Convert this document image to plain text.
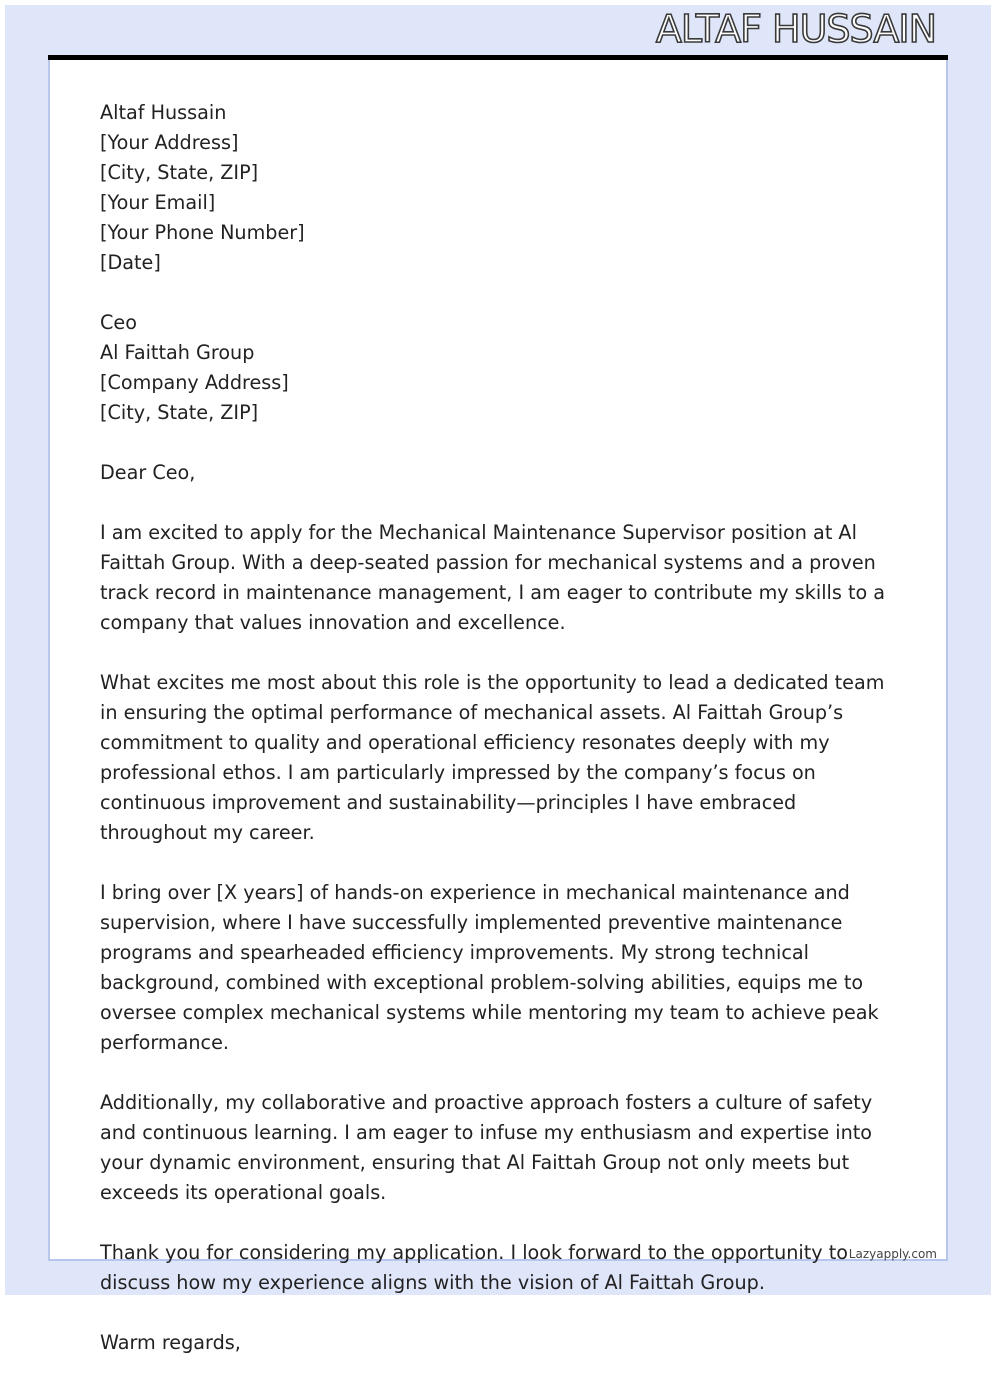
ALTAF HUSSAIN

Altaf Hussain
[Your Address]
[City, State, ZIP]
[Your Email]
[Your Phone Number]
[Date]

Ceo
Al Faittah Group
[Company Address]
[City, State, ZIP]

Dear Ceo,

I am excited to apply for the Mechanical Maintenance Supervisor position at Al Faittah Group. With a deep-seated passion for mechanical systems and a proven track record in maintenance management, I am eager to contribute my skills to a company that values innovation and excellence.

What excites me most about this role is the opportunity to lead a dedicated team in ensuring the optimal performance of mechanical assets. Al Faittah Group’s commitment to quality and operational efficiency resonates deeply with my professional ethos. I am particularly impressed by the company’s focus on continuous improvement and sustainability—principles I have embraced throughout my career.

I bring over [X years] of hands-on experience in mechanical maintenance and supervision, where I have successfully implemented preventive maintenance programs and spearheaded efficiency improvements. My strong technical background, combined with exceptional problem-solving abilities, equips me to oversee complex mechanical systems while mentoring my team to achieve peak performance.

Additionally, my collaborative and proactive approach fosters a culture of safety and continuous learning. I am eager to infuse my enthusiasm and expertise into your dynamic environment, ensuring that Al Faittah Group not only meets but exceeds its operational goals.

Thank you for considering my application. I look forward to the opportunity to discuss how my experience aligns with the vision of Al Faittah Group.

Warm regards,

Lazyapply.com
